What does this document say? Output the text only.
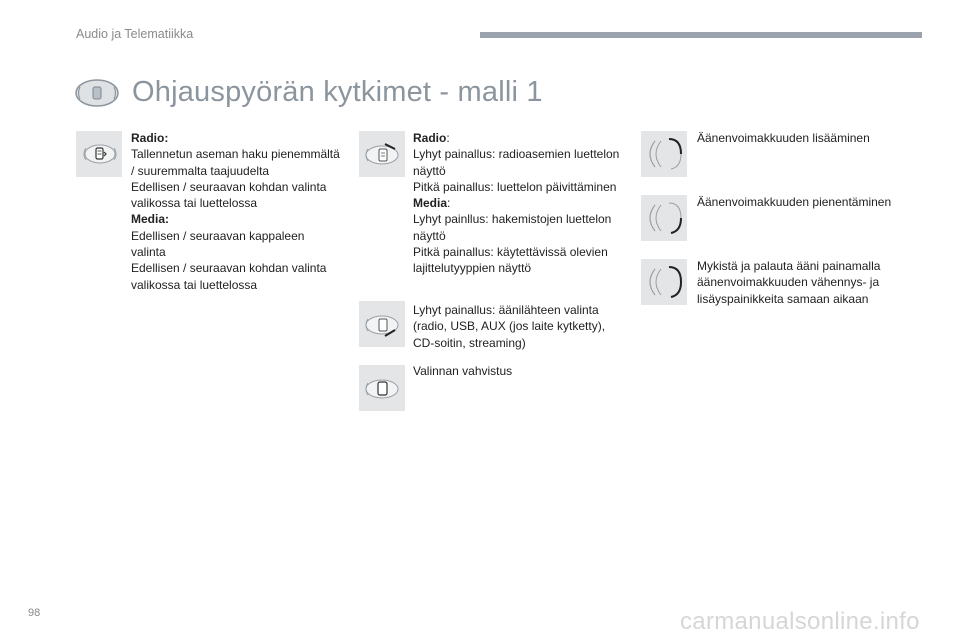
Audio ja Telematiikka
Ohjauspyörän kytkimet - malli 1
Radio:
Tallennetun aseman haku pienemmältä / suuremmalta taajuudelta
Edellisen / seuraavan kohdan valinta valikossa tai luettelossa
Media:
Edellisen / seuraavan kappaleen valinta
Edellisen / seuraavan kohdan valinta valikossa tai luettelossa
Radio:
Lyhyt painallus: radioasemien luettelon näyttö
Pitkä painallus: luettelon päivittäminen
Media:
Lyhyt painllus: hakemistojen luettelon näyttö
Pitkä painallus: käytettävissä olevien lajittelutyyppien näyttö
Lyhyt painallus: äänilähteen valinta (radio, USB, AUX (jos laite kytketty), CD-soitin, streaming)
Valinnan vahvistus
Äänenvoimakkuuden lisääminen
Äänenvoimakkuuden pienentäminen
Mykistä ja palauta ääni painamalla äänenvoimakkuuden vähennys- ja lisäyspainikkeita samaan aikaan
98	carmanualsonline.info
